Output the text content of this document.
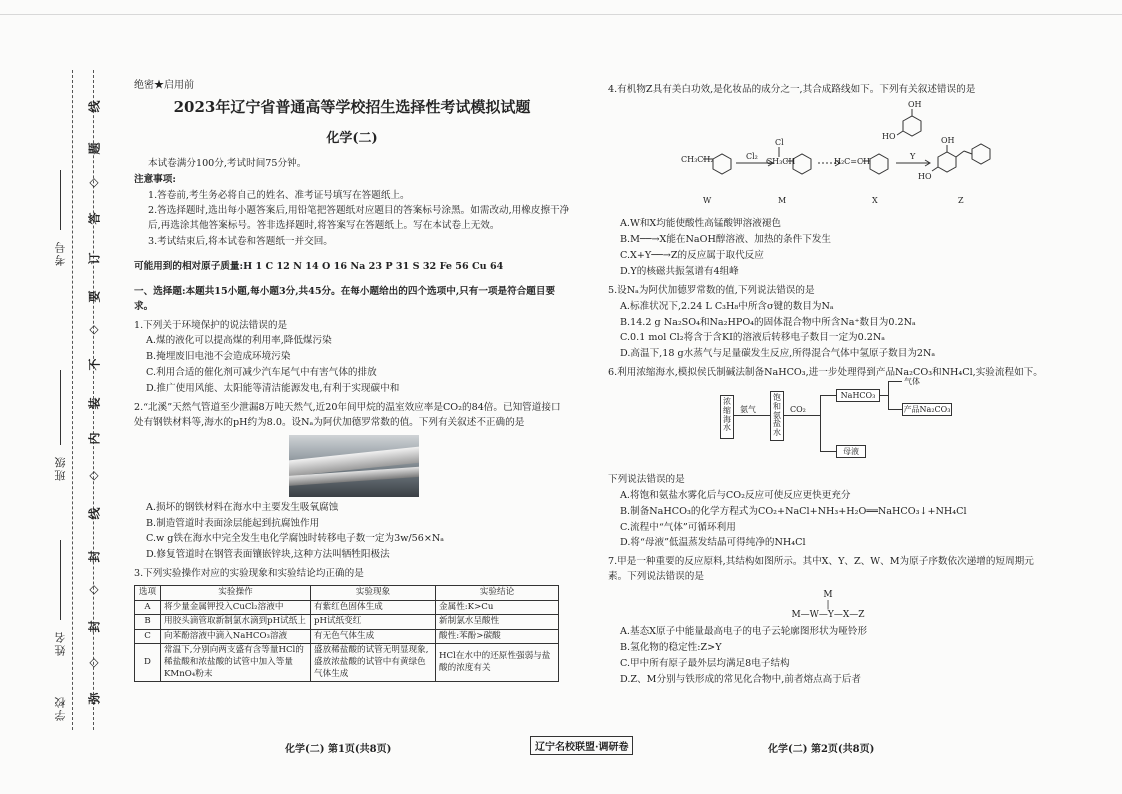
线
题
◇
答
订
要
◇
不
装
内
◇
线
封
◇
封
◇
弥
考号
班级
姓名
学校
绝密★启用前
2023年辽宁省普通高等学校招生选择性考试模拟试题
化学(二)
本试卷满分100分,考试时间75分钟。
注意事项:
1.答卷前,考生务必将自己的姓名、准考证号填写在答题纸上。
2.答选择题时,选出每小题答案后,用铅笔把答题纸对应题目的答案标号涂黑。如需改动,用橡皮擦干净后,再选涂其他答案标号。答非选择题时,将答案写在答题纸上。写在本试卷上无效。
3.考试结束后,将本试卷和答题纸一并交回。
可能用到的相对原子质量:H 1 C 12 N 14 O 16 Na 23 P 31 S 32 Fe 56 Cu 64
一、选择题:本题共15小题,每小题3分,共45分。在每小题给出的四个选项中,只有一项是符合题目要求。
1.下列关于环境保护的说法错误的是
A.煤的液化可以提高煤的利用率,降低煤污染
B.掩埋废旧电池不会造成环境污染
C.利用合适的催化剂可减少汽车尾气中有害气体的排放
D.推广使用风能、太阳能等清洁能源发电,有利于实现碳中和
2.“北溪”天然气管道至少泄漏8万吨天然气,近20年间甲烷的温室效应率是CO₂的84倍。已知管道接口处有钢铁材料等,海水的pH约为8.0。设Nₐ为阿伏加德罗常数的值。下列有关叙述不正确的是
A.损坏的钢铁材料在海水中主要发生吸氧腐蚀
B.制造管道时表面涂层能起到抗腐蚀作用
C.w g铁在海水中完全发生电化学腐蚀时转移电子数一定为3w/56×Nₐ
D.修复管道时在钢管表面镶嵌锌块,这种方法叫牺牲阳极法
3.下列实验操作对应的实验现象和实验结论均正确的是
选项	实验操作	实验现象	实验结论
A	将少量金属钾投入CuCl₂溶液中	有紫红色固体生成	金属性:K>Cu
B	用胶头滴管取新制氯水滴到pH试纸上	pH试纸变红	新制氯水呈酸性
C	向苯酚溶液中滴入NaHCO₃溶液	有无色气体生成	酸性:苯酚>碳酸
D	常温下,分别向两支盛有含等量HCl的稀盐酸和浓盐酸的试管中加入等量KMnO₄粉末	盛放稀盐酸的试管无明显现象,盛放浓盐酸的试管中有黄绿色气体生成	HCl在水中的还原性强弱与盐酸的浓度有关
4.有机物Z具有美白功效,是化妆品的成分之一,其合成路线如下。下列有关叙述错误的是
CH₃CH₂	Cl₂
Cl
CH₃CH	H₂C=CH
OH
HO
Y
OH
HO
W	M	X	Z
A.W和X均能使酸性高锰酸钾溶液褪色
B.M──→X能在NaOH醇溶液、加热的条件下发生
C.X+Y──→Z的反应属于取代反应
D.Y的核磁共振氢谱有4组峰
5.设Nₐ为阿伏加德罗常数的值,下列说法错误的是
A.标准状况下,2.24 L C₃H₈中所含σ键的数目为Nₐ
B.14.2 g Na₂SO₄和Na₂HPO₄的固体混合物中所含Na⁺数目为0.2Nₐ
C.0.1 mol Cl₂将含于含KI的溶液后转移电子数目一定为0.2Nₐ
D.高温下,18 g水蒸气与足量碳发生反应,所得混合气体中氢原子数目为2Nₐ
6.利用浓缩海水,模拟侯氏制碱法制备NaHCO₃,进一步处理得到产品Na₂CO₃和NH₄Cl,实验流程如下。
浓缩海水
氨气
饱和氨盐水
CO₂
NaHCO₃
气体
产品Na₂CO₃
母液
下列说法错误的是
A.将饱和氨盐水雾化后与CO₂反应可使反应更快更充分
B.制备NaHCO₃的化学方程式为CO₂+NaCl+NH₃+H₂O══NaHCO₃↓+NH₄Cl
C.流程中“气体”可循环利用
D.将“母液”低温蒸发结晶可得纯净的NH₄Cl
7.甲是一种重要的反应原料,其结构如图所示。其中X、Y、Z、W、M为原子序数依次递增的短周期元素。下列说法错误的是
M
|
M—W—Y—X—Z
A.基态X原子中能量最高电子的电子云轮廓图形状为哑铃形
B.氢化物的稳定性:Z>Y
C.甲中所有原子最外层均满足8电子结构
D.Z、M分别与铁形成的常见化合物中,前者熔点高于后者
化学(二) 第1页(共8页)	辽宁名校联盟·调研卷	化学(二) 第2页(共8页)
